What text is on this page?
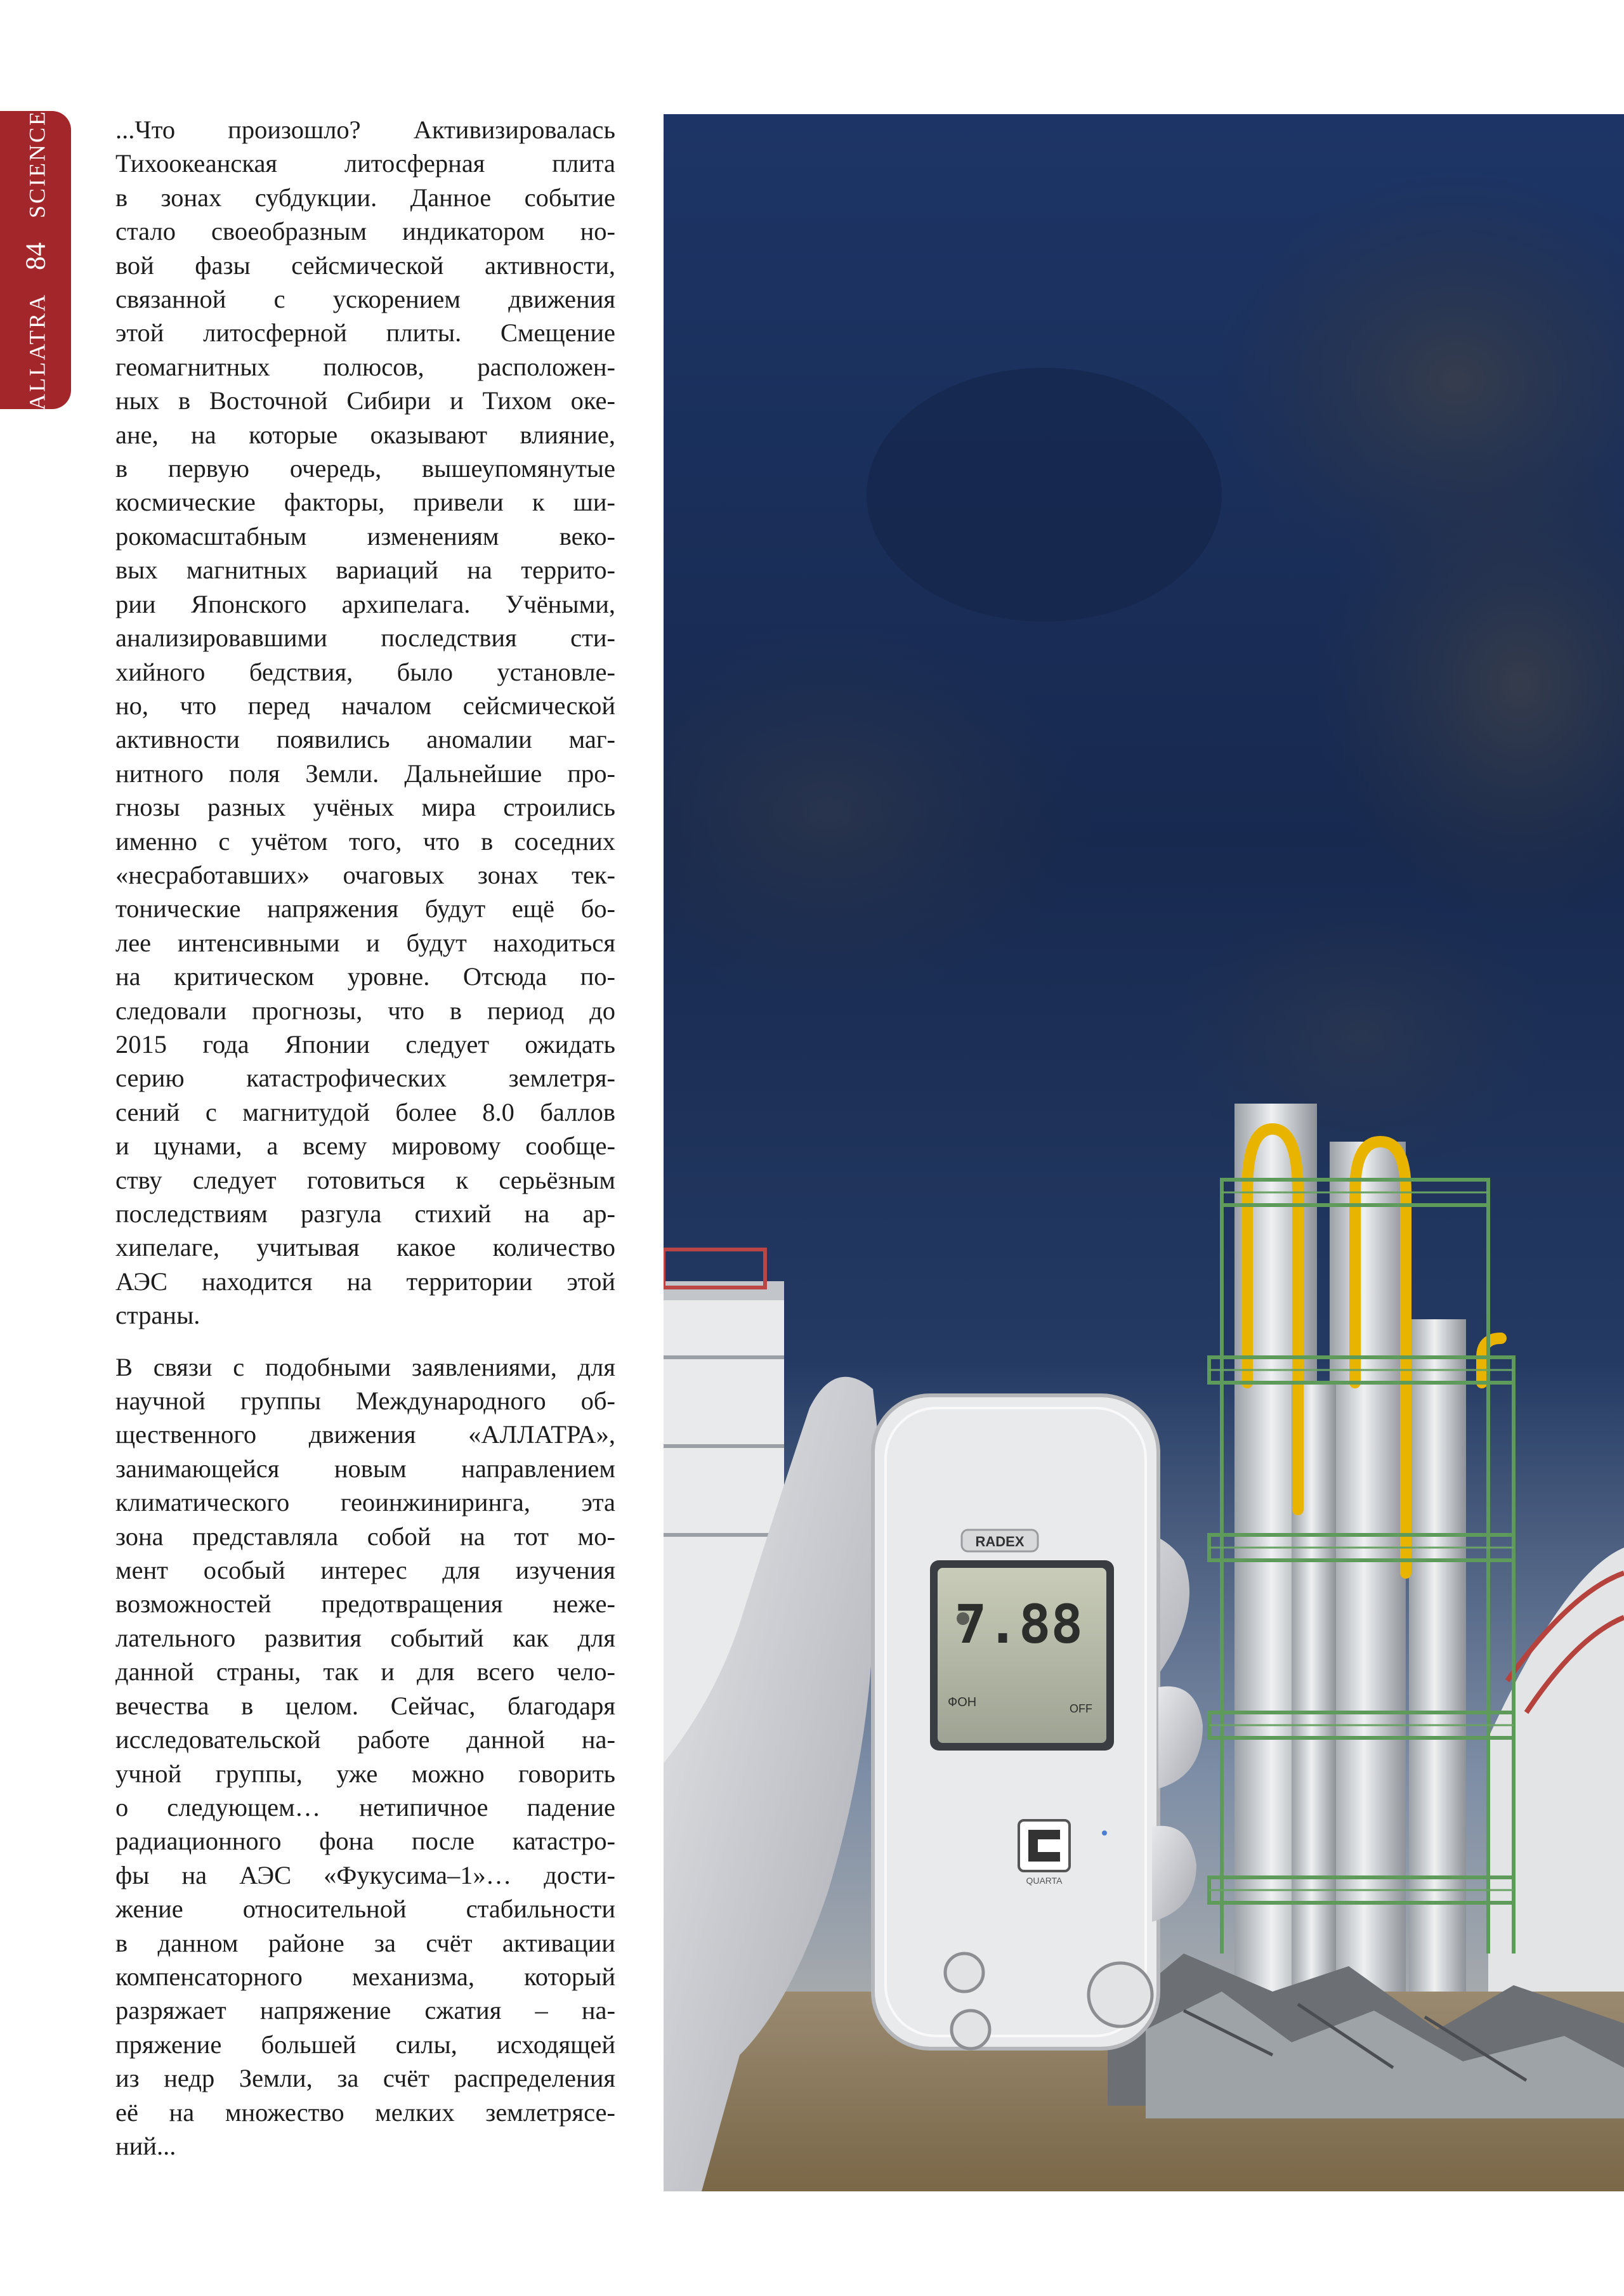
ALLATRA 84 SCIENCE	...Что произошло? Активизировалась

Тихоокеанская литосферная плита

в зонах субдукции. Данное событие

стало своеобразным индикатором но-

вой фазы сейсмической активности,

связанной с ускорением движения

этой литосферной плиты. Смещение

геомагнитных полюсов, расположен-

ных в Восточной Сибири и Тихом оке-

ане, на которые оказывают влияние,

в первую очередь, вышеупомянутые

космические факторы, привели к ши-

рокомасштабным изменениям веко-

вых магнитных вариаций на террито-

рии Японского архипелага. Учёными,

анализировавшими последствия сти-

хийного бедствия, было установле-

но, что перед началом сейсмической

активности появились аномалии маг-

нитного поля Земли. Дальнейшие про-

гнозы разных учёных мира строились

именно с учётом того, что в соседних

«несработавших» очаговых зонах тек-

тонические напряжения будут ещё бо-

лее интенсивными и будут находиться

на критическом уровне. Отсюда по-

следовали прогнозы, что в период до

2015 года Японии следует ожидать

серию катастрофических землетря-

сений с магнитудой более 8.0 баллов

и цунами, а всему мировому сообще-

ству следует готовиться к серьёзным

последствиям разгула стихий на ар-

хипелаге, учитывая какое количество

АЭС находится на территории этой

страны.

В связи с подобными заявлениями, для

научной группы Международного об-

щественного движения «АЛЛАТРА»,

занимающейся новым направлением

климатического геоинжиниринга, эта

зона представляла собой на тот мо-

мент особый интерес для изучения

возможностей предотвращения неже-

лательного развития событий как для

данной страны, так и для всего чело-

вечества в целом. Сейчас, благодаря

исследовательской работе данной на-

учной группы, уже можно говорить

о следующем… нетипичное падение

радиационного фона после катастро-

фы на АЭС «Фукусима–1»… дости-

жение относительной стабильности

в данном районе за счёт активации

компенсаторного механизма, который

разряжает напряжение сжатия – на-

пряжение большей силы, исходящей

из недр Земли, за счёт распределения

её на множество мелких землетрясе-

ний...

RADEX
7.88
ФОН	OFF
QUARTA
